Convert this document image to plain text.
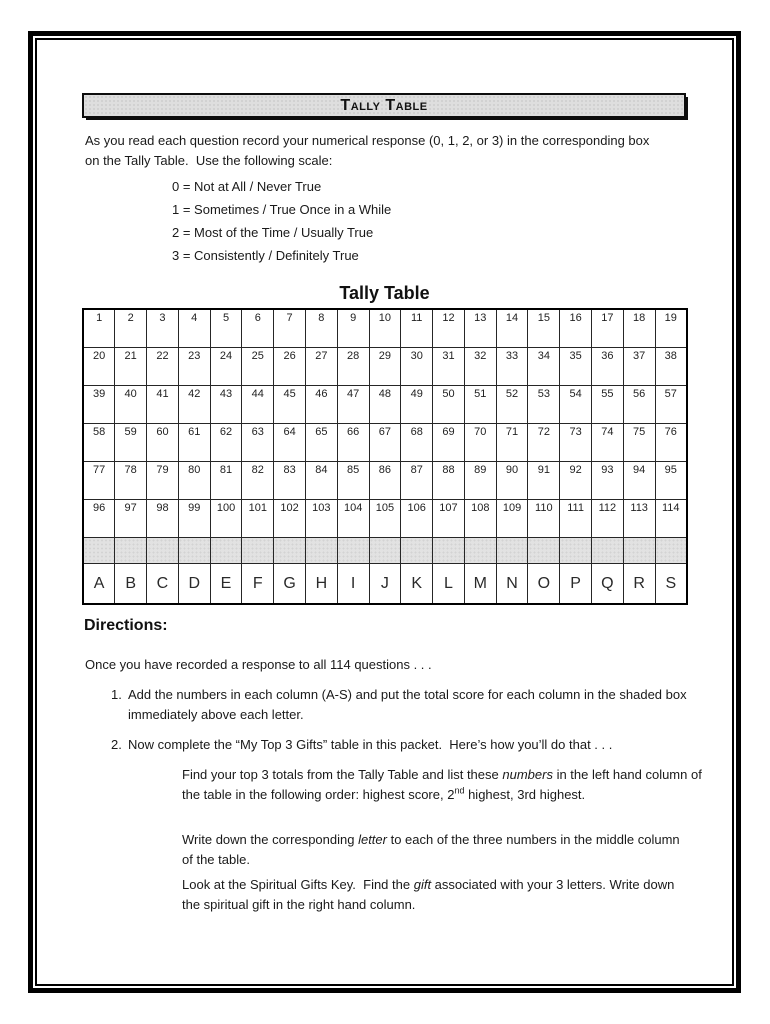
Tally Table

As you read each question record your numerical response (0, 1, 2, or 3) in the corresponding box on the Tally Table.  Use the following scale:

0 = Not at All / Never True
1 = Sometimes / True Once in a While
2 = Most of the Time / Usually True
3 = Consistently / Definitely True
Tally Table
1	2	3	4	5	6	7	8	9	10	11	12	13	14	15	16	17	18	19

20	21	22	23	24	25	26	27	28	29	30	31	32	33	34	35	36	37	38

39	40	41	42	43	44	45	46	47	48	49	50	51	52	53	54	55	56	57

58	59	60	61	62	63	64	65	66	67	68	69	70	71	72	73	74	75	76

77	78	79	80	81	82	83	84	85	86	87	88	89	90	91	92	93	94	95

96	97	98	99	100	101	102	103	104	105	106	107	108	109	110	111	112	113	114

A	B	C	D	E	F	G	H	I	J	K	L	M	N	O	P	Q	R	S
Directions:

Once you have recorded a response to all 114 questions . . .

1. Add the numbers in each column (A-S) and put the total score for each column in the shaded box immediately above each letter.
2. Now complete the “My Top 3 Gifts” table in this packet.  Here’s how you’ll do that . . .
Find your top 3 totals from the Tally Table and list these numbers in the left hand column of the table in the following order: highest score, 2nd highest, 3rd highest.
Write down the corresponding letter to each of the three numbers in the middle column of the table.
Look at the Spiritual Gifts Key.  Find the gift associated with your 3 letters. Write down the spiritual gift in the right hand column.
